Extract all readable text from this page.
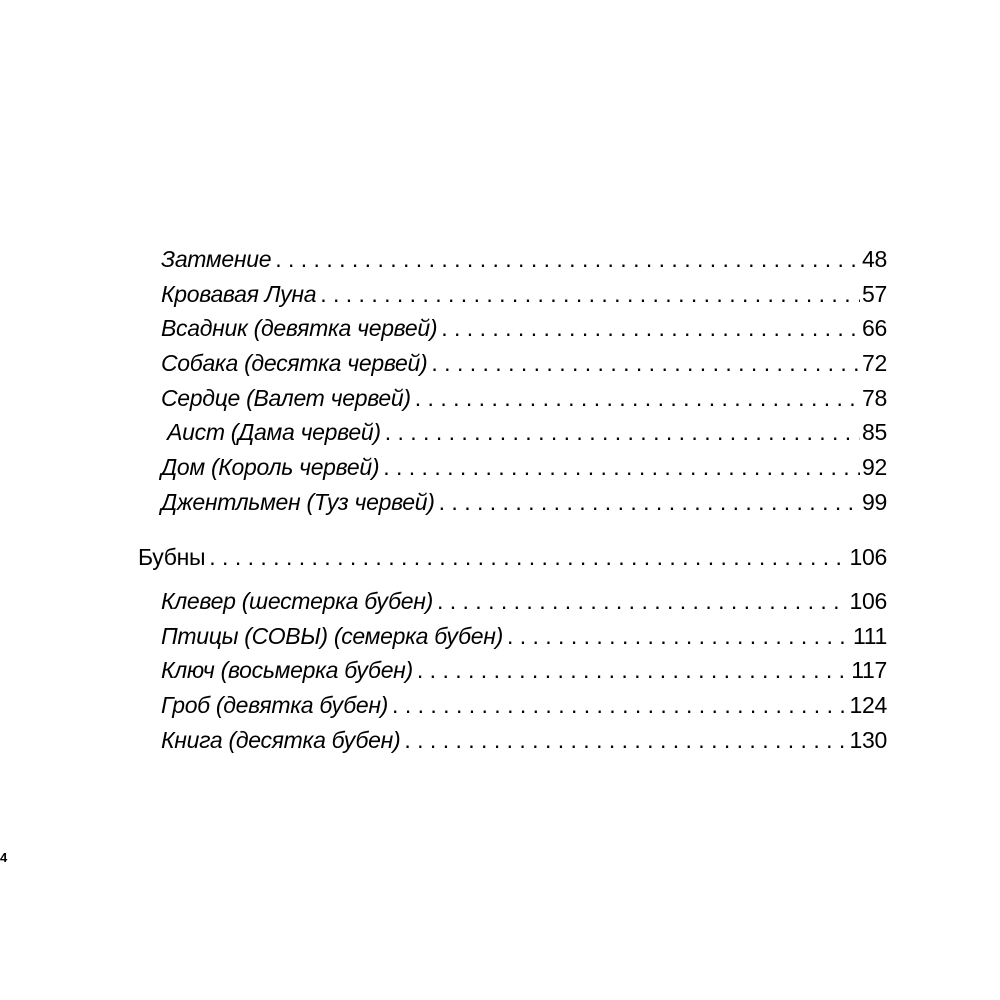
Затмение . . .	48
Кровавая Луна . . .	57
Всадник (девятка червей) . . .	66
Собака (десятка червей) . . .	72
Сердце (Валет червей) . . .	78
Аист (Дама червей) . . .	85
Дом (Король червей) . . .	92
Джентльмен (Туз червей) . . .	99
Бубны . . .	106
Клевер (шестерка бубен) . . .	106
Птицы (СОВЫ) (семерка бубен) . . .	111
Ключ (восьмерка бубен) . . .	117
Гроб (девятка бубен) . . .	124
Книга (десятка бубен) . . .	130
4
